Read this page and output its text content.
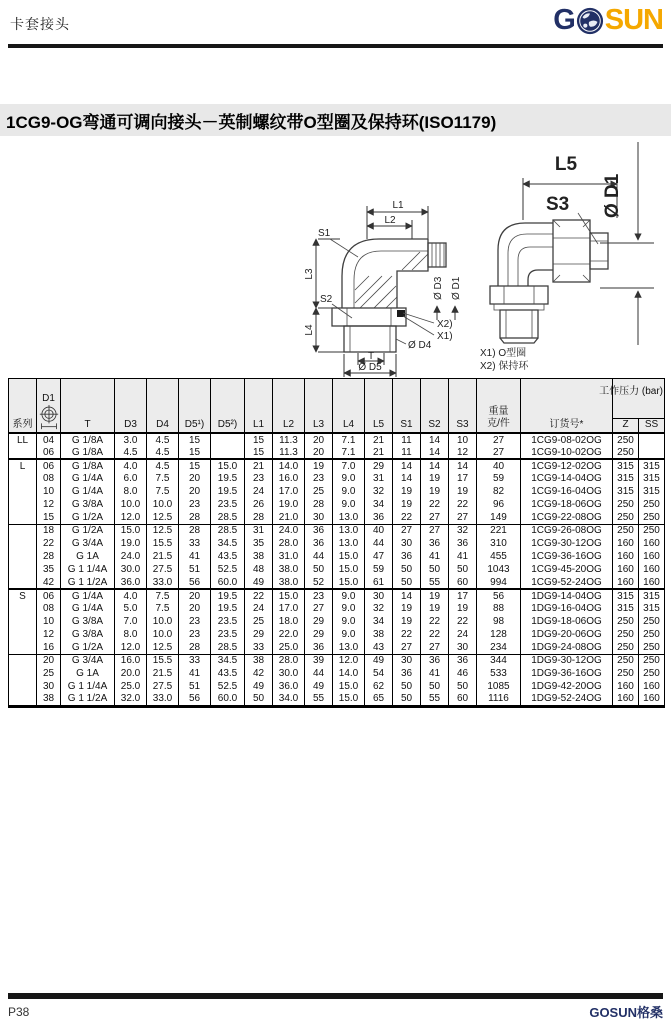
卡套接头	G SUN
1CG9-OG弯通可调向接头－英制螺纹带O型圈及保持环(ISO1179)
L1
L2
Ø D3 Ø D1
L3
L4
S1
S2
X2)
X1)
Ø D4
T
Ø D5
L5
S3 Ø D1
X1) O型圈
X2) 保持环
系列	D1	T	D3	D4	D5¹)	D5²)	L1	L2	L3	L4	L5	S1	S2	S3	重量
克/件	订货号*	工作压力 (bar)	

																	Z	SS
LL	04	G 1/8A	3.0	4.5	15		15	11.3	20	7.1	21	11	14	10	27	1CG9-08-02OG	250	
	06	G 1/8A	4.5	4.5	15		15	11.3	20	7.1	21	11	14	12	27	1CG9-10-02OG	250	
L	06	G 1/8A	4.0	4.5	15	15.0	21	14.0	19	7.0	29	14	14	14	40	1CG9-12-02OG	315	315
	08	G 1/4A	6.0	7.5	20	19.5	23	16.0	23	9.0	31	14	19	17	59	1CG9-14-04OG	315	315
	10	G 1/4A	8.0	7.5	20	19.5	24	17.0	25	9.0	32	19	19	19	82	1CG9-16-04OG	315	315
	12	G 3/8A	10.0	10.0	23	23.5	26	19.0	28	9.0	34	19	22	22	96	1CG9-18-06OG	250	250
	15	G 1/2A	12.0	12.5	28	28.5	28	21.0	30	13.0	36	22	27	27	149	1CG9-22-08OG	250	250
	18	G 1/2A	15.0	12.5	28	28.5	31	24.0	36	13.0	40	27	27	32	221	1CG9-26-08OG	250	250
	22	G 3/4A	19.0	15.5	33	34.5	35	28.0	36	13.0	44	30	36	36	310	1CG9-30-12OG	160	160
	28	G 1A	24.0	21.5	41	43.5	38	31.0	44	15.0	47	36	41	41	455	1CG9-36-16OG	160	160
	35	G 1 1/4A	30.0	27.5	51	52.5	48	38.0	50	15.0	59	50	50	50	1043	1CG9-45-20OG	160	160
	42	G 1 1/2A	36.0	33.0	56	60.0	49	38.0	52	15.0	61	50	55	60	994	1CG9-52-24OG	160	160
S	06	G 1/4A	4.0	7.5	20	19.5	22	15.0	23	9.0	30	14	19	17	56	1DG9-14-04OG	315	315
	08	G 1/4A	5.0	7.5	20	19.5	24	17.0	27	9.0	32	19	19	19	88	1DG9-16-04OG	315	315
	10	G 3/8A	7.0	10.0	23	23.5	25	18.0	29	9.0	34	19	22	22	98	1DG9-18-06OG	250	250
	12	G 3/8A	8.0	10.0	23	23.5	29	22.0	29	9.0	38	22	22	24	128	1DG9-20-06OG	250	250
	16	G 1/2A	12.0	12.5	28	28.5	33	25.0	36	13.0	43	27	27	30	234	1DG9-24-08OG	250	250
	20	G 3/4A	16.0	15.5	33	34.5	38	28.0	39	12.0	49	30	36	36	344	1DG9-30-12OG	250	250
	25	G 1A	20.0	21.5	41	43.5	42	30.0	44	14.0	54	36	41	46	533	1DG9-36-16OG	250	250
	30	G 1 1/4A	25.0	27.5	51	52.5	49	36.0	49	15.0	62	50	50	50	1085	1DG9-42-20OG	160	160
	38	G 1 1/2A	32.0	33.0	56	60.0	50	34.0	55	15.0	65	50	55	60	1116	1DG9-52-24OG	160	160
P38	GOSUN格桑
